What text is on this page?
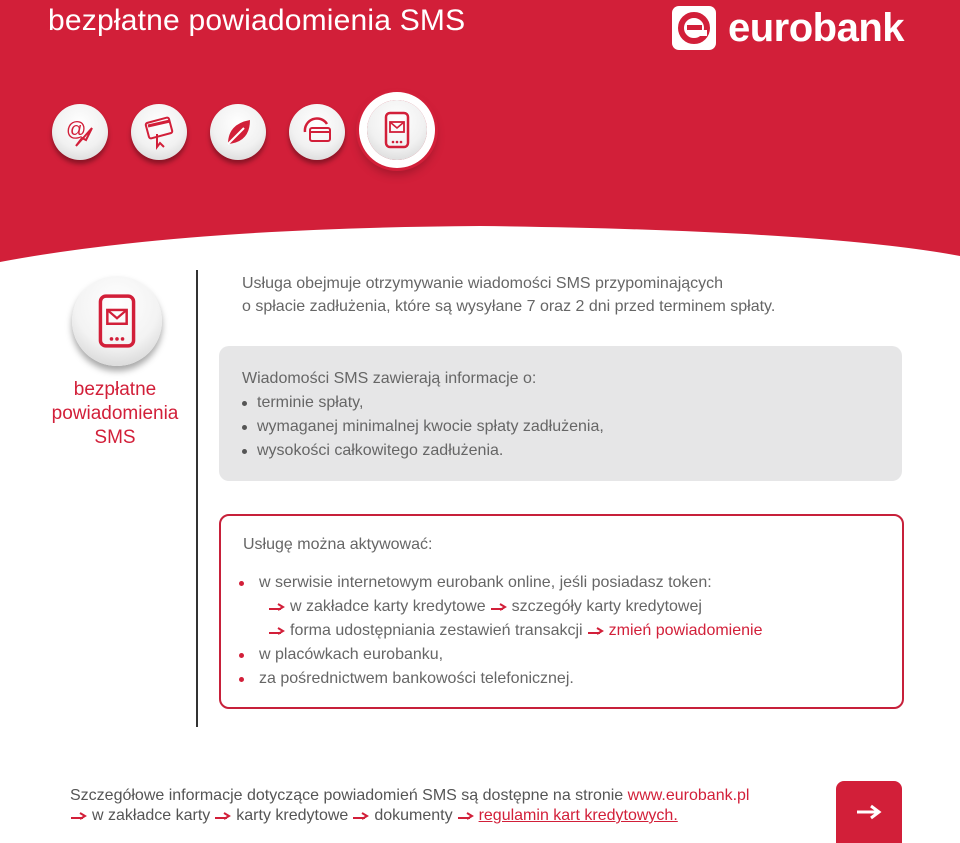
bezpłatne powiadomienia SMS	eurobank
@
bezpłatne
powiadomienia
SMS
Usługa obejmuje otrzymywanie wiadomości SMS przypominających
o spłacie zadłużenia, które są wysyłane 7 oraz 2 dni przed terminem spłaty.
Wiadomości SMS zawierają informacje o:
terminie spłaty,
wymaganej minimalnej kwocie spłaty zadłużenia,
wysokości całkowitego zadłużenia.
Usługę można aktywować:
w serwisie internetowym eurobank online, jeśli posiadasz token:
w zakładce karty kredytowe szczegóły karty kredytowej
forma udostępniania zestawień transakcji zmień powiadomienie
w placówkach eurobanku,
za pośrednictwem bankowości telefonicznej.
Szczegółowe informacje dotyczące powiadomień SMS są dostępne na stronie www.eurobank.pl
w zakładce karty karty kredytowe dokumenty regulamin kart kredytowych.
